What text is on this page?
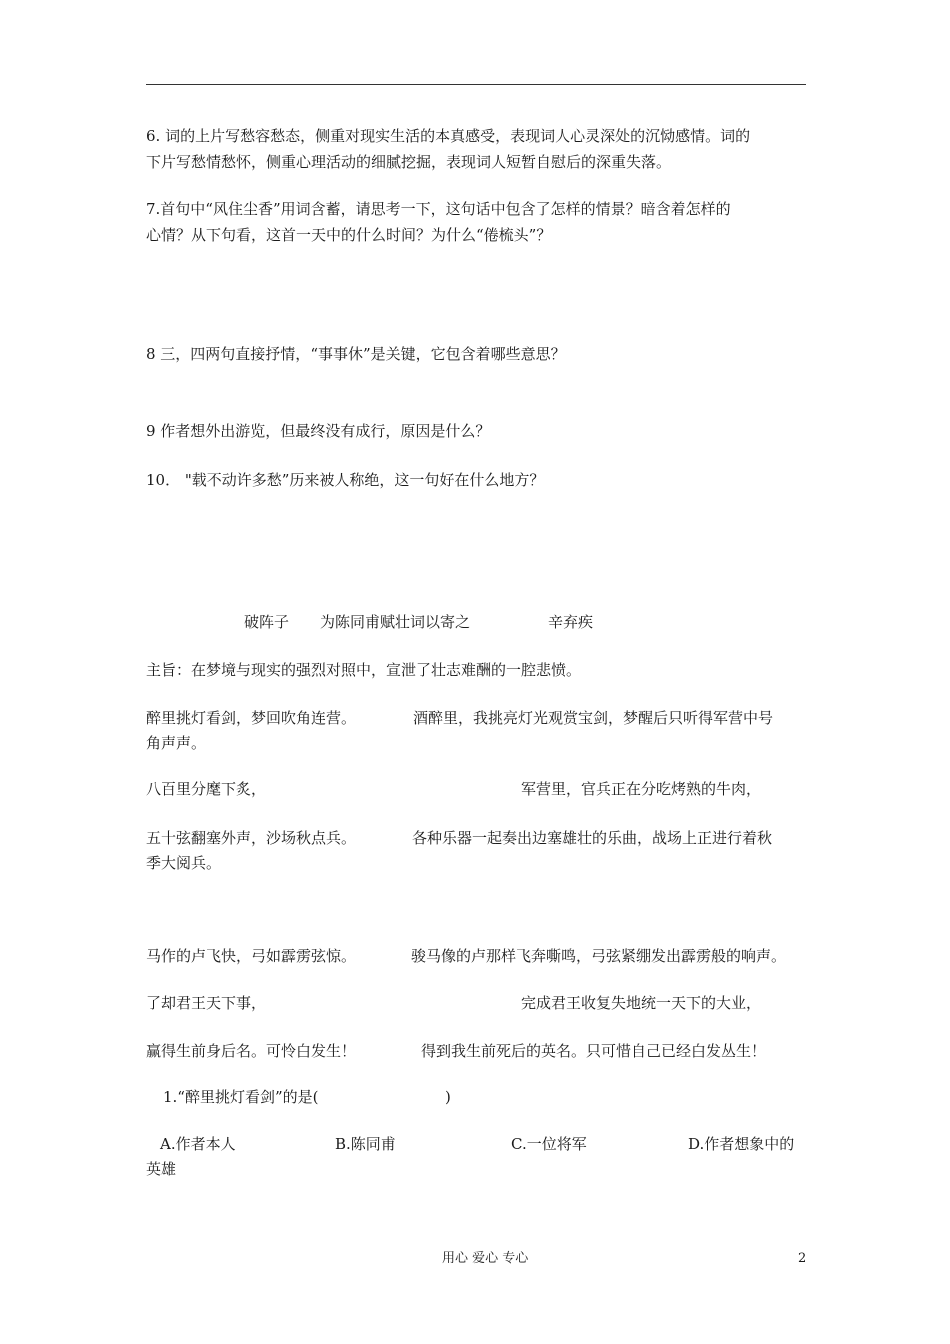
6. 词的上片写愁容愁态，侧重对现实生活的本真感受，表现词人心灵深处的沉恸感情。词的
下片写愁情愁怀，侧重心理活动的细腻挖掘，表现词人短暂自慰后的深重失落。
7.首句中“风住尘香”用词含蓄，请思考一下，这句话中包含了怎样的情景？暗含着怎样的
心情？从下句看，这首一天中的什么时间？为什么“倦梳头”？
8 三，四两句直接抒情，“事事休”是关键，它包含着哪些意思？
9 作者想外出游览，但最终没有成行，原因是什么？
10． "载不动许多愁”历来被人称绝，这一句好在什么地方？
破阵子 为陈同甫赋壮词以寄之	辛弃疾
主旨：在梦境与现实的强烈对照中，宣泄了壮志难酬的一腔悲愤。
醉里挑灯看剑，梦回吹角连营。	酒醉里，我挑亮灯光观赏宝剑，梦醒后只听得军营中号
角声声。
八百里分麾下炙，	军营里，官兵正在分吃烤熟的牛肉，
五十弦翻塞外声，沙场秋点兵。	各种乐器一起奏出边塞雄壮的乐曲，战场上正进行着秋
季大阅兵。
马作的卢飞快，弓如霹雳弦惊。	骏马像的卢那样飞奔嘶鸣，弓弦紧绷发出霹雳般的响声。
了却君王天下事，	完成君王收复失地统一天下的大业，
赢得生前身后名。可怜白发生！	得到我生前死后的英名。只可惜自己已经白发丛生！
1.“醉里挑灯看剑”的是(	)
A.作者本人	B.陈同甫	C.一位将军	D.作者想象中的
英雄
用心 爱心 专心	2
